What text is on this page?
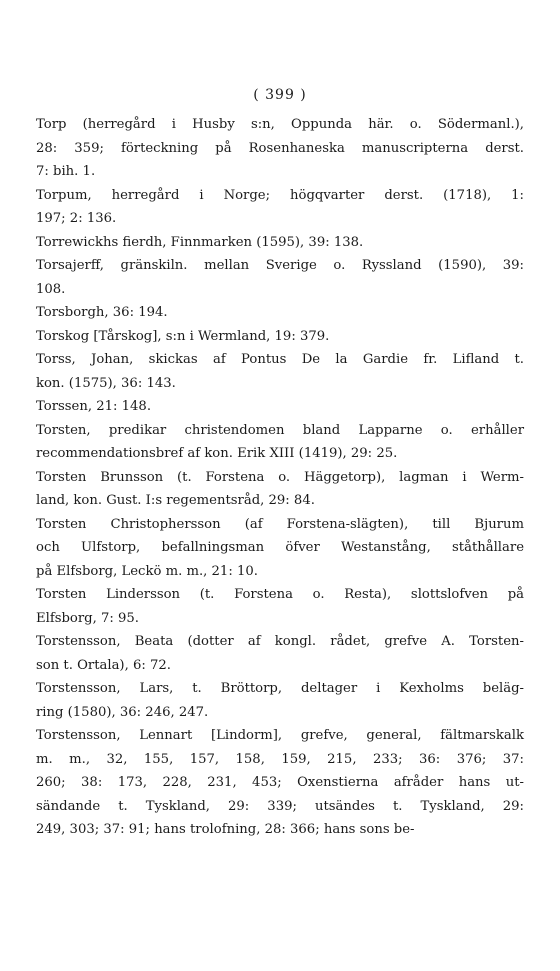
( 399 )

Torp (herregård i Husby s:n, Oppunda här. o. Södermanl.),
28: 359; förteckning på Rosenhaneska manuscripterna derst.
7: bih. 1.

Torpum, herregård i Norge; högqvarter derst. (1718), 1:
197; 2: 136.

Torrewickhs fierdh, Finnmarken (1595), 39: 138.

Torsajerff, gränskiln. mellan Sverige o. Ryssland (1590), 39:
108.

Torsborgh, 36: 194.

Torskog [Tårskog], s:n i Wermland, 19: 379.

Torss, Johan, skickas af Pontus De la Gardie fr. Lifland t.
kon. (1575), 36: 143.

Torssen, 21: 148.

Torsten, predikar christendomen bland Lapparne o. erhåller
recommendationsbref af kon. Erik XIII (1419), 29: 25.

Torsten Brunsson (t. Forstena o. Häggetorp), lagman i Werm-
land, kon. Gust. I:s regementsråd, 29: 84.

Torsten Christophersson (af Forstena-slägten), till Bjurum
och Ulfstorp, befallningsman öfver Westanstång, ståthållare
på Elfsborg, Leckö m. m., 21: 10.

Torsten Lindersson (t. Forstena o. Resta), slottslofven på
Elfsborg, 7: 95.

Torstensson, Beata (dotter af kongl. rådet, grefve A. Torsten-
son t. Ortala), 6: 72.

Torstensson, Lars, t. Bröttorp, deltager i Kexholms beläg-
ring (1580), 36: 246, 247.

Torstensson, Lennart [Lindorm], grefve, general, fältmarskalk
m. m., 32, 155, 157, 158, 159, 215, 233; 36: 376; 37:
260; 38: 173, 228, 231, 453; Oxenstierna afråder hans ut-
sändande t. Tyskland, 29: 339; utsändes t. Tyskland, 29:
249, 303; 37: 91; hans trolofning, 28: 366; hans sons be-
